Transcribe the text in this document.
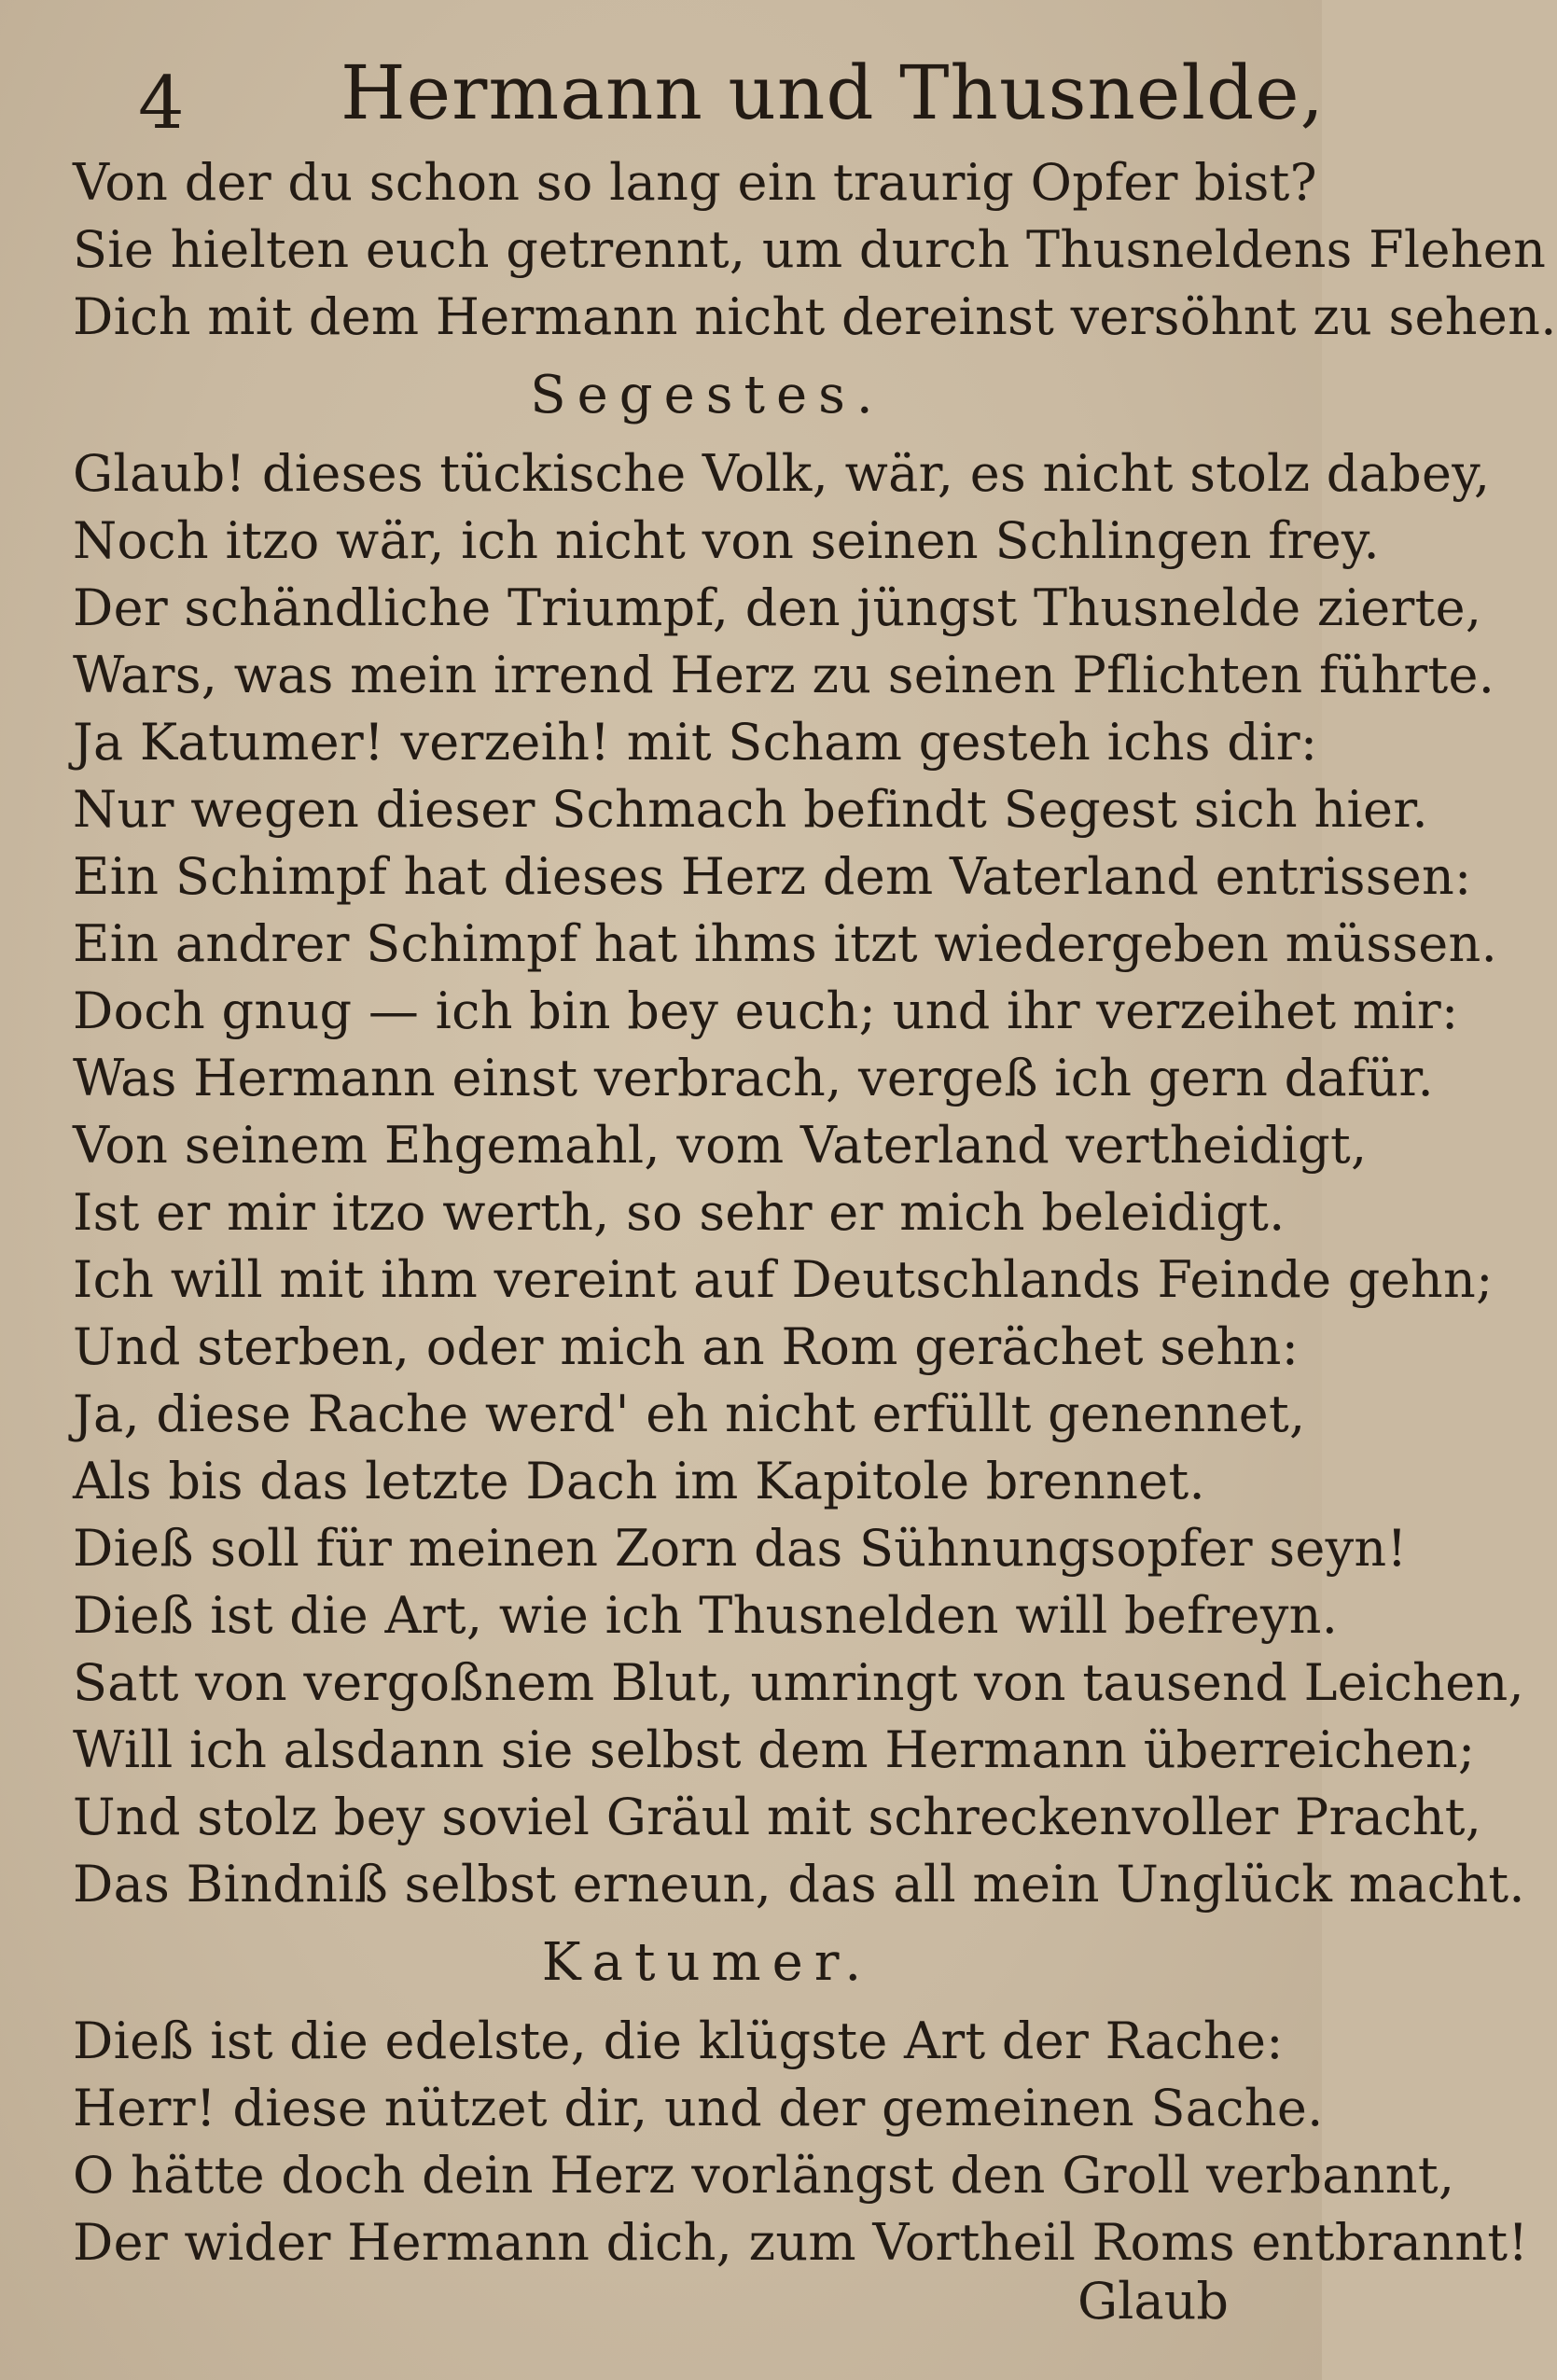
4 Hermann und Thusnelde,
Von der du schon so lang ein traurig Opfer bist?
Sie hielten euch getrennt, um durch Thusneldens Flehen
Dich mit dem Hermann nicht dereinst versöhnt zu sehen.
Segestes.
Glaub! dieses tückische Volk, wär, es nicht stolz dabey,
Noch itzo wär, ich nicht von seinen Schlingen frey.
Der schändliche Triumpf, den jüngst Thusnelde zierte,
Wars, was mein irrend Herz zu seinen Pflichten führte.
Ja Katumer! verzeih! mit Scham gesteh ichs dir:
Nur wegen dieser Schmach befindt Segest sich hier.
Ein Schimpf hat dieses Herz dem Vaterland entrissen:
Ein andrer Schimpf hat ihms itzt wiedergeben müssen.
Doch gnug — ich bin bey euch; und ihr verzeihet mir:
Was Hermann einst verbrach, vergeß ich gern dafür.
Von seinem Ehgemahl, vom Vaterland vertheidigt,
Ist er mir itzo werth, so sehr er mich beleidigt.
Ich will mit ihm vereint auf Deutschlands Feinde gehn;
Und sterben, oder mich an Rom gerächet sehn:
Ja, diese Rache werd' eh nicht erfüllt genennet,
Als bis das letzte Dach im Kapitole brennet.
Dieß soll für meinen Zorn das Sühnungsopfer seyn!
Dieß ist die Art, wie ich Thusnelden will befreyn.
Satt von vergoßnem Blut, umringt von tausend Leichen,
Will ich alsdann sie selbst dem Hermann überreichen;
Und stolz bey soviel Gräul mit schreckenvoller Pracht,
Das Bindniß selbst erneun, das all mein Unglück macht.
Katumer.
Dieß ist die edelste, die klügste Art der Rache:
Herr! diese nützet dir, und der gemeinen Sache.
O hätte doch dein Herz vorlängst den Groll verbannt,
Der wider Hermann dich, zum Vortheil Roms entbrannt!
Glaub
